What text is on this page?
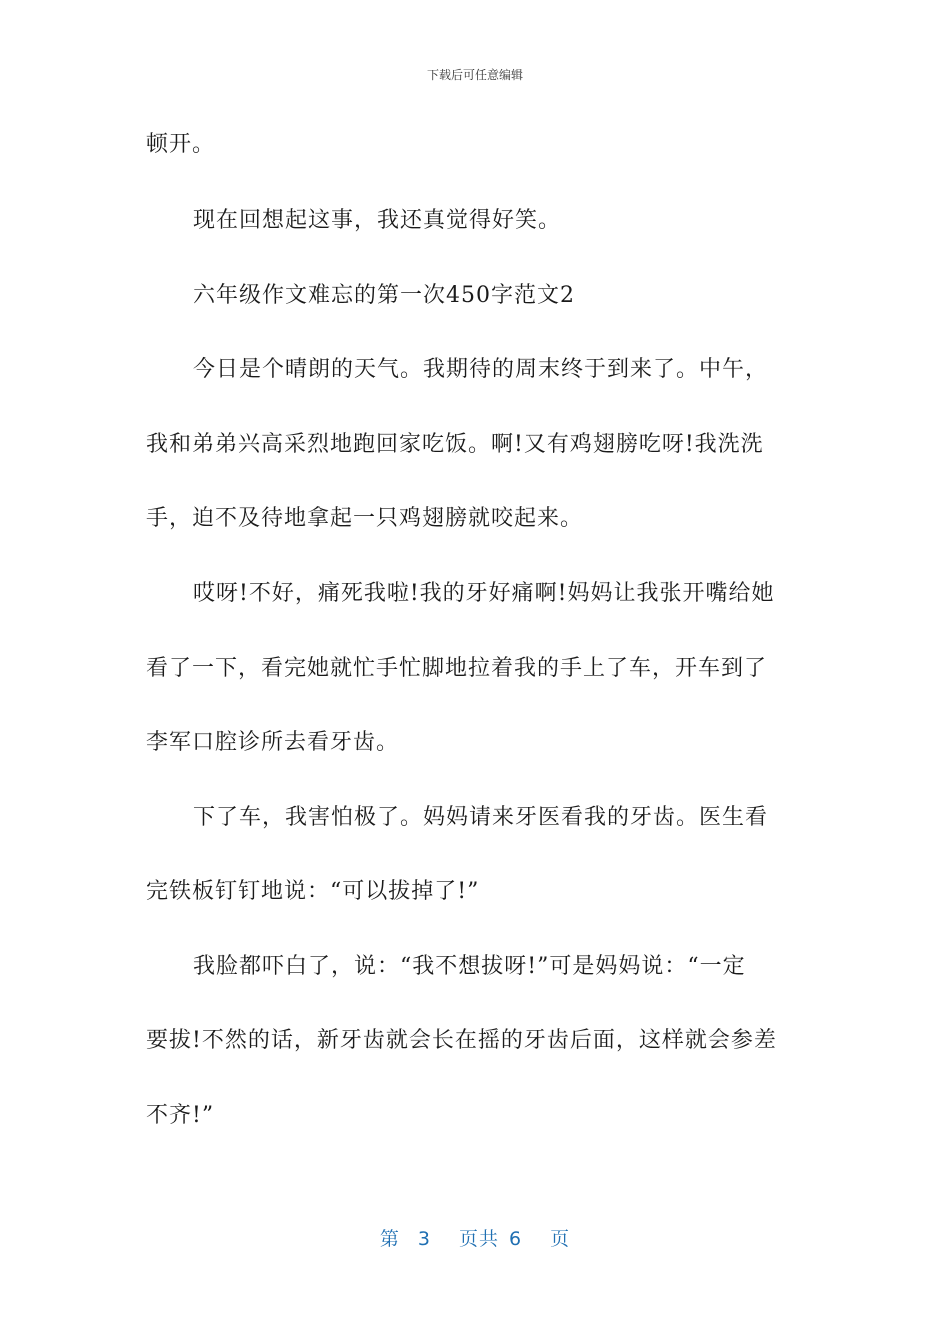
下载后可任意编辑
顿开。
现在回想起这事，我还真觉得好笑。
六年级作文难忘的第一次450字范文2
今日是个晴朗的天气。我期待的周末终于到来了。中午，
我和弟弟兴高采烈地跑回家吃饭。啊!又有鸡翅膀吃呀!我洗洗
手，迫不及待地拿起一只鸡翅膀就咬起来。
哎呀!不好，痛死我啦!我的牙好痛啊!妈妈让我张开嘴给她
看了一下，看完她就忙手忙脚地拉着我的手上了车，开车到了
李军口腔诊所去看牙齿。
下了车，我害怕极了。妈妈请来牙医看我的牙齿。医生看
完铁板钉钉地说：“可以拔掉了!”
我脸都吓白了，说：“我不想拔呀!”可是妈妈说：“一定
要拔!不然的话，新牙齿就会长在摇的牙齿后面，这样就会参差
不齐!”
第 3 页共 6 页
